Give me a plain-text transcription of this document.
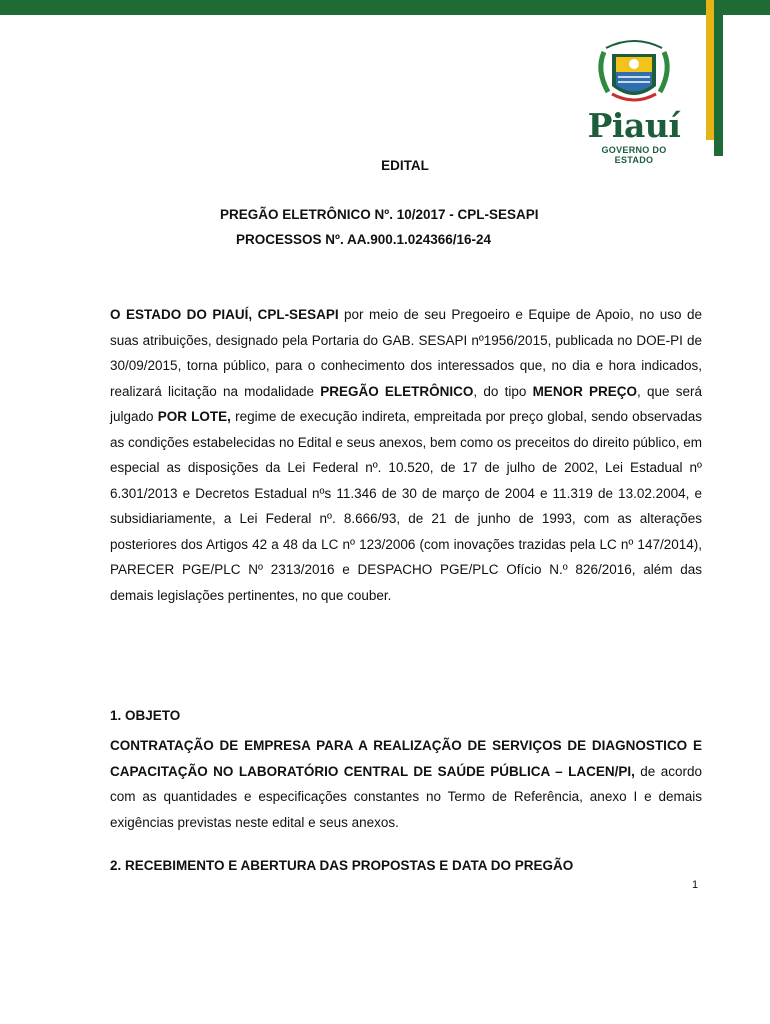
Piauí
GOVERNO DO ESTADO
EDITAL
PREGÃO ELETRÔNICO Nº. 10/2017 - CPL-SESAPI
PROCESSOS Nº. AA.900.1.024366/16-24
O ESTADO DO PIAUÍ, CPL-SESAPI por meio de seu Pregoeiro e Equipe de Apoio, no uso de suas atribuições, designado pela Portaria do GAB. SESAPI nº1956/2015, publicada no DOE-PI de 30/09/2015, torna público, para o conhecimento dos interessados que, no dia e hora indicados, realizará licitação na modalidade PREGÃO ELETRÔNICO, do tipo MENOR PREÇO, que será julgado POR LOTE, regime de execução indireta, empreitada por preço global, sendo observadas as condições estabelecidas no Edital e seus anexos, bem como os preceitos do direito público, em especial as disposições da Lei Federal nº. 10.520, de 17 de julho de 2002, Lei Estadual nº 6.301/2013 e Decretos Estadual nºs 11.346 de 30 de março de 2004 e 11.319 de 13.02.2004, e subsidiariamente, a Lei Federal nº. 8.666/93, de 21 de junho de 1993, com as alterações posteriores dos Artigos 42 a 48 da LC nº 123/2006 (com inovações trazidas pela LC nº 147/2014), PARECER PGE/PLC Nº 2313/2016 e DESPACHO PGE/PLC Ofício N.º 826/2016, além das demais legislações pertinentes, no que couber.
1. OBJETO
CONTRATAÇÃO DE EMPRESA PARA A REALIZAÇÃO DE SERVIÇOS DE DIAGNOSTICO E CAPACITAÇÃO NO LABORATÓRIO CENTRAL DE SAÚDE PÚBLICA – LACEN/PI, de acordo com as quantidades e especificações constantes no Termo de Referência, anexo I e demais exigências previstas neste edital e seus anexos.
2. RECEBIMENTO E ABERTURA DAS PROPOSTAS E DATA DO PREGÃO
1
